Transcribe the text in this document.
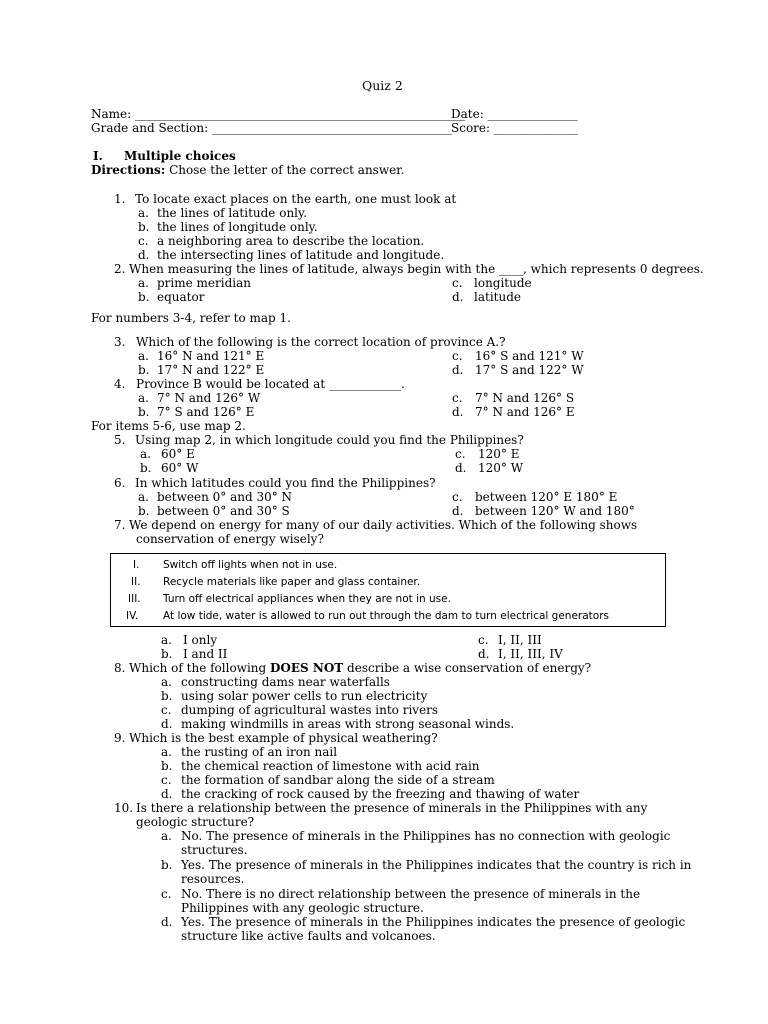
Quiz 2
Name: _______________________________________________________
Date: _______________
Grade and Section: ________________________________________ Score: ______________
I. Multiple choices
Directions: Chose the letter of the correct answer.
1. To locate exact places on the earth, one must look at
a. the lines of latitude only.
b. the lines of longitude only.
c. a neighboring area to describe the location.
d. the intersecting lines of latitude and longitude.
2. When measuring the lines of latitude, always begin with the ____, which represents 0 degrees.
a. prime meridian	c. longitude
b. equator	d. latitude
For numbers 3-4, refer to map 1.
3. Which of the following is the correct location of province A.?
a. 16° N and 121° E	c. 16° S and 121° W
b. 17° N and 122° E	d. 17° S and 122° W
4. Province B would be located at ____________.
a. 7° N and 126° W	c. 7° N and 126° S
b. 7° S and 126° E	d. 7° N and 126° E
For items 5-6, use map 2.
5. Using map 2, in which longitude could you find the Philippines?
a. 60° E	c. 120° E
b. 60° W	d. 120° W
6. In which latitudes could you find the Philippines?
a. between 0° and 30° N	c. between 120° E 180° E
b. between 0° and 30° S	d. between 120° W and 180°
7. We depend on energy for many of our daily activities. Which of the following shows
conservation of energy wisely?
I. Switch off lights when not in use.
II. Recycle materials like paper and glass container.
III. Turn off electrical appliances when they are not in use.
IV. At low tide, water is allowed to run out through the dam to turn electrical generators
a. I only	c. I, II, III
b. I and II	d. I, II, III, IV
8. Which of the following DOES NOT describe a wise conservation of energy?
a. constructing dams near waterfalls
b. using solar power cells to run electricity
c. dumping of agricultural wastes into rivers
d. making windmills in areas with strong seasonal winds.
9. Which is the best example of physical weathering?
a. the rusting of an iron nail
b. the chemical reaction of limestone with acid rain
c. the formation of sandbar along the side of a stream
d. the cracking of rock caused by the freezing and thawing of water
10. Is there a relationship between the presence of minerals in the Philippines with any
geologic structure?
a. No. The presence of minerals in the Philippines has no connection with geologic
structures.
b. Yes. The presence of minerals in the Philippines indicates that the country is rich in
resources.
c. No. There is no direct relationship between the presence of minerals in the
Philippines with any geologic structure.
d. Yes. The presence of minerals in the Philippines indicates the presence of geologic
structure like active faults and volcanoes.
